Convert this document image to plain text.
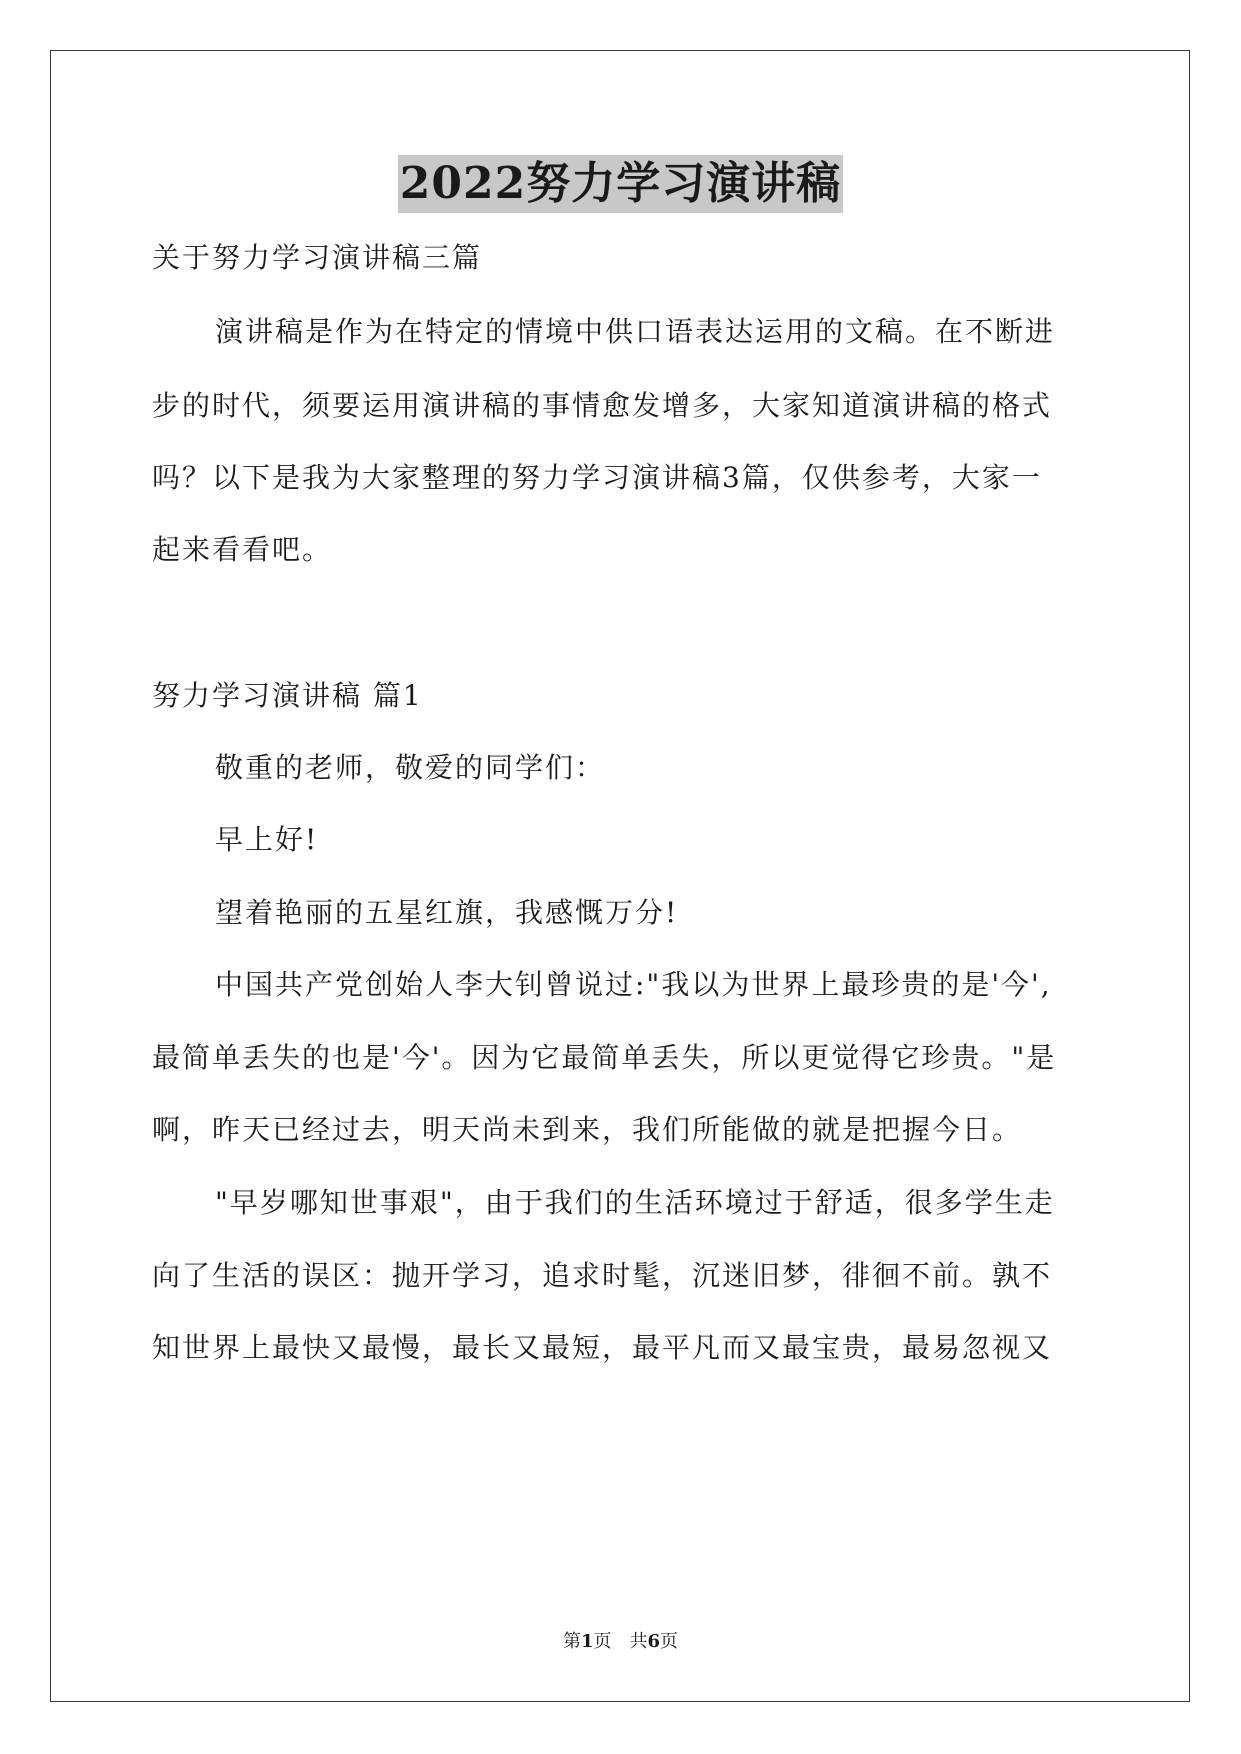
2022努力学习演讲稿
关于努力学习演讲稿三篇
演讲稿是作为在特定的情境中供口语表达运用的文稿。在不断进
步的时代，须要运用演讲稿的事情愈发增多，大家知道演讲稿的格式
吗？以下是我为大家整理的努力学习演讲稿3篇，仅供参考，大家一
起来看看吧。
努力学习演讲稿 篇1
敬重的老师，敬爱的同学们：
早上好!
望着艳丽的五星红旗，我感慨万分!
中国共产党创始人李大钊曾说过:"我以为世界上最珍贵的是'今',
最简单丢失的也是'今'。因为它最简单丢失，所以更觉得它珍贵。"是
啊，昨天已经过去，明天尚未到来，我们所能做的就是把握今日。
"早岁哪知世事艰"，由于我们的生活环境过于舒适，很多学生走
向了生活的误区：抛开学习，追求时髦，沉迷旧梦，徘徊不前。孰不
知世界上最快又最慢，最长又最短，最平凡而又最宝贵，最易忽视又
第1页　共6页
